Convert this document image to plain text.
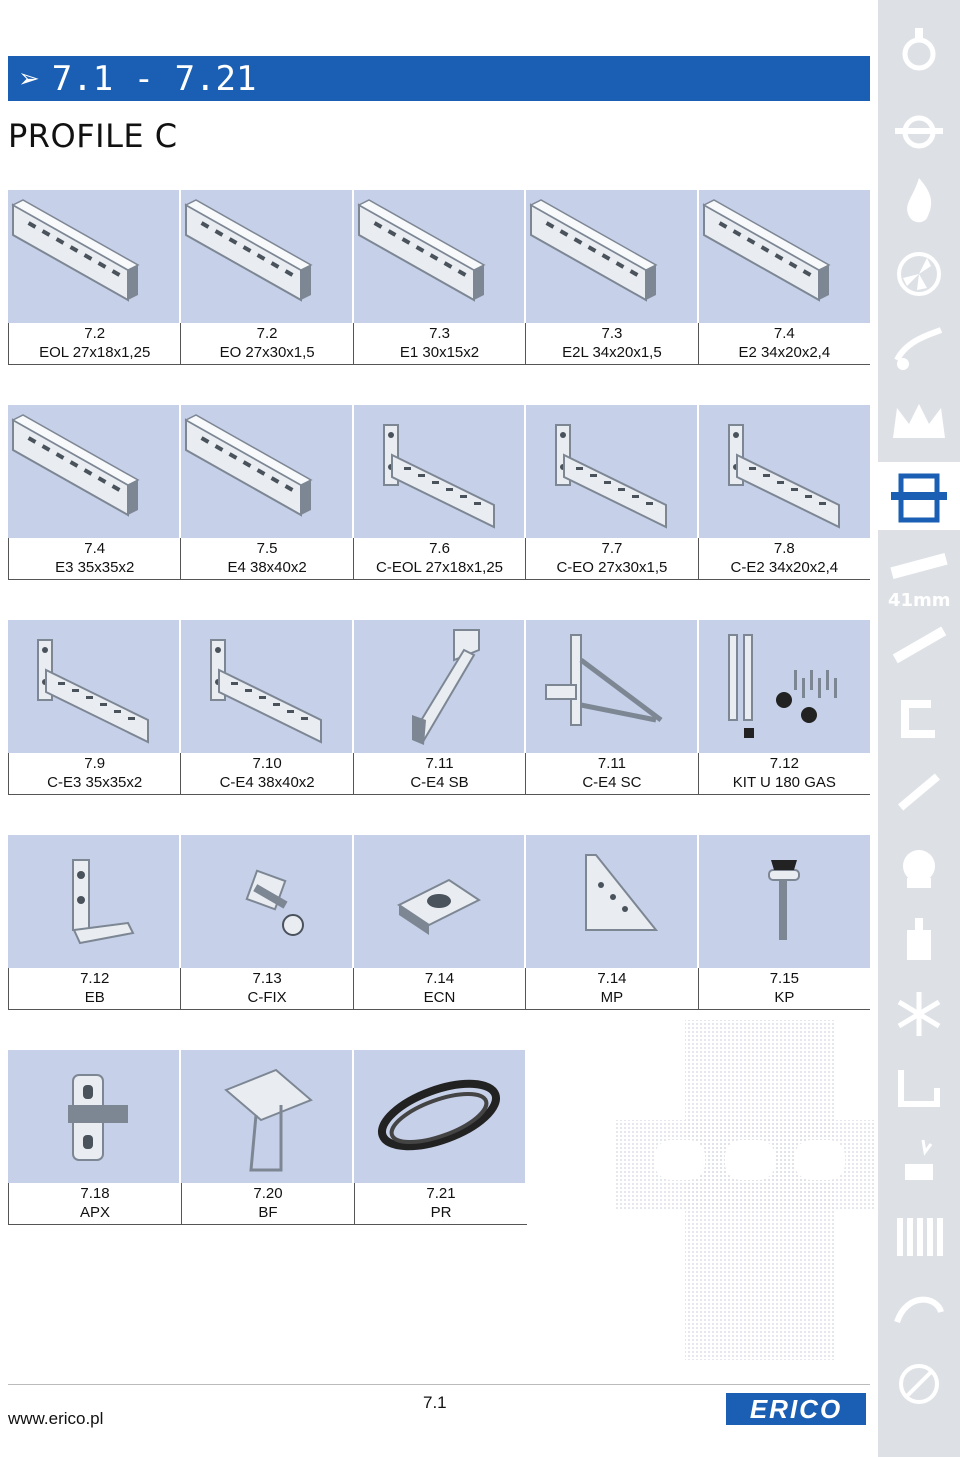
➢ 7.1 - 7.21
PROFILE C
7.2
EOL 27x18x1,25
7.2
EO 27x30x1,5
7.3
E1 30x15x2
7.3
E2L 34x20x1,5
7.4
E2 34x20x2,4
7.4
E3 35x35x2
7.5
E4 38x40x2
7.6
C-EOL 27x18x1,25
7.7
C-EO 27x30x1,5
7.8
C-E2 34x20x2,4
7.9
C-E3 35x35x2
7.10
C-E4 38x40x2
7.11
C-E4 SB
7.11
C-E4 SC
7.12
KIT U 180 GAS
7.12
EB
7.13
C-FIX
7.14
ECN
7.14
MP
7.15
KP
7.18
APX
7.20
BF
7.21
PR
41mm
www.erico.pl
7.1	ERICO
